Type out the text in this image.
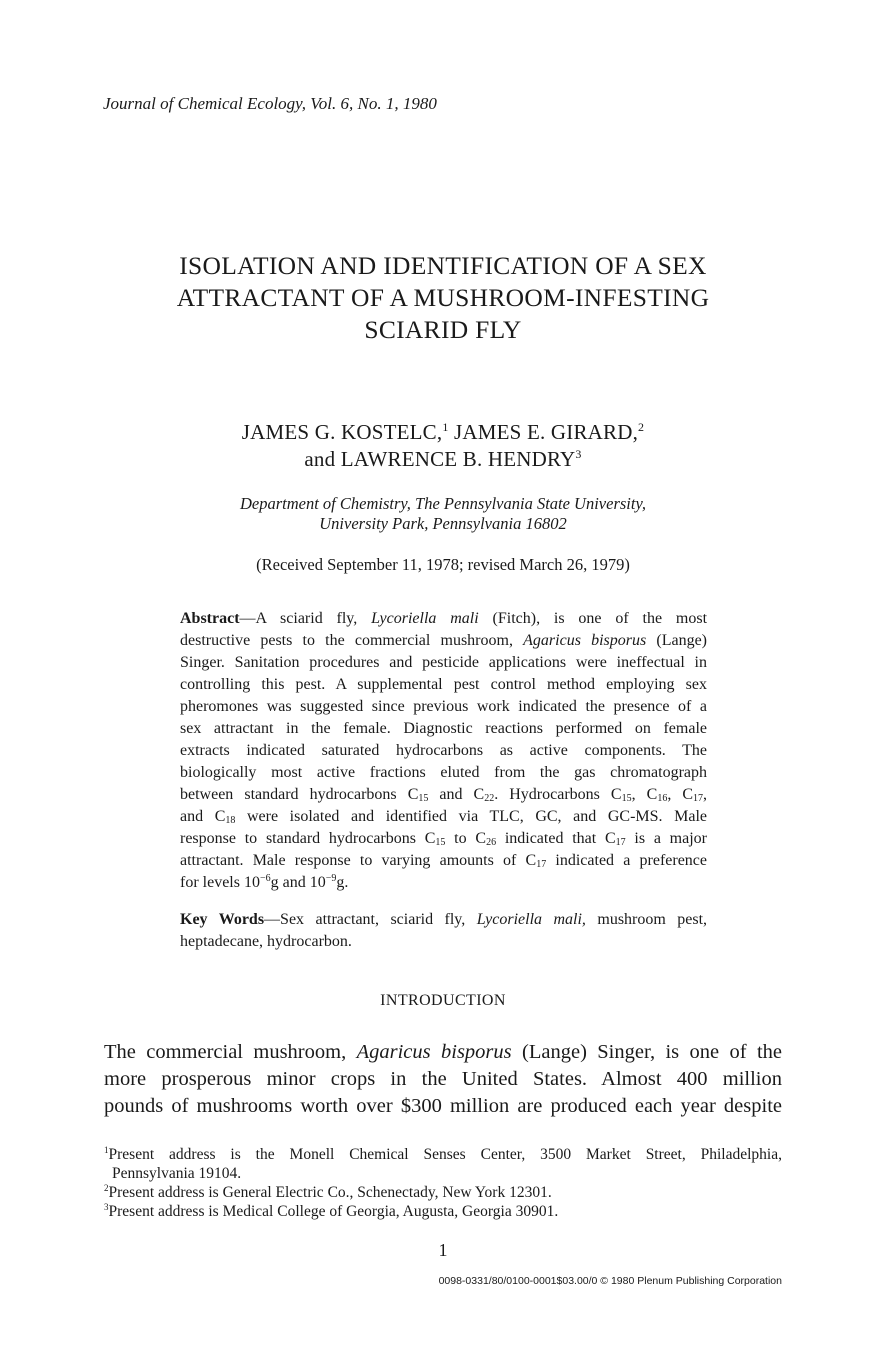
Journal of Chemical Ecology, Vol. 6, No. 1, 1980
ISOLATION AND IDENTIFICATION OF A SEX
ATTRACTANT OF A MUSHROOM-INFESTING
SCIARID FLY
JAMES G. KOSTELC,$^1$ JAMES E. GIRARD,$^2$
and LAWRENCE B. HENDRY$^3$
Department of Chemistry, The Pennsylvania State University,
University Park, Pennsylvania 16802
(Received September 11, 1978; revised March 26, 1979)
Abstract—A sciarid fly, Lycoriella mali (Fitch), is one of the most
destructive pests to the commercial mushroom, Agaricus bisporus (Lange)
Singer. Sanitation procedures and pesticide applications were ineffectual in
controlling this pest. A supplemental pest control method employing sex
pheromones was suggested since previous work indicated the presence of a
sex attractant in the female. Diagnostic reactions performed on female
extracts indicated saturated hydrocarbons as active components. The
biologically most active fractions eluted from the gas chromatograph
between standard hydrocarbons $C_{15}$ and $C_{22}$. Hydrocarbons $C_{15}$, $C_{16}$, $C_{17}$,
and $C_{18}$ were isolated and identified via TLC, GC, and GC-MS. Male
response to standard hydrocarbons $C_{15}$ to $C_{26}$ indicated that $C_{17}$ is a major
attractant. Male response to varying amounts of $C_{17}$ indicated a preference
for levels $10^{-6}g$ and $10^{-9}g$.
Key Words—Sex attractant, sciarid fly, Lycoriella mali, mushroom pest,
heptadecane, hydrocarbon.
INTRODUCTION
The commercial mushroom, Agaricus bisporus (Lange) Singer, is one of the
more prosperous minor crops in the United States. Almost 400 million
pounds of mushrooms worth over $300 million are produced each year despite
$^1$Present address is the Monell Chemical Senses Center, 3500 Market Street, Philadelphia,
Pennsylvania 19104.
$^2$Present address is General Electric Co., Schenectady, New York 12301.
$^3$Present address is Medical College of Georgia, Augusta, Georgia 30901.
1
0098-0331/80/0100-0001$03.00/0 © 1980 Plenum Publishing Corporation
